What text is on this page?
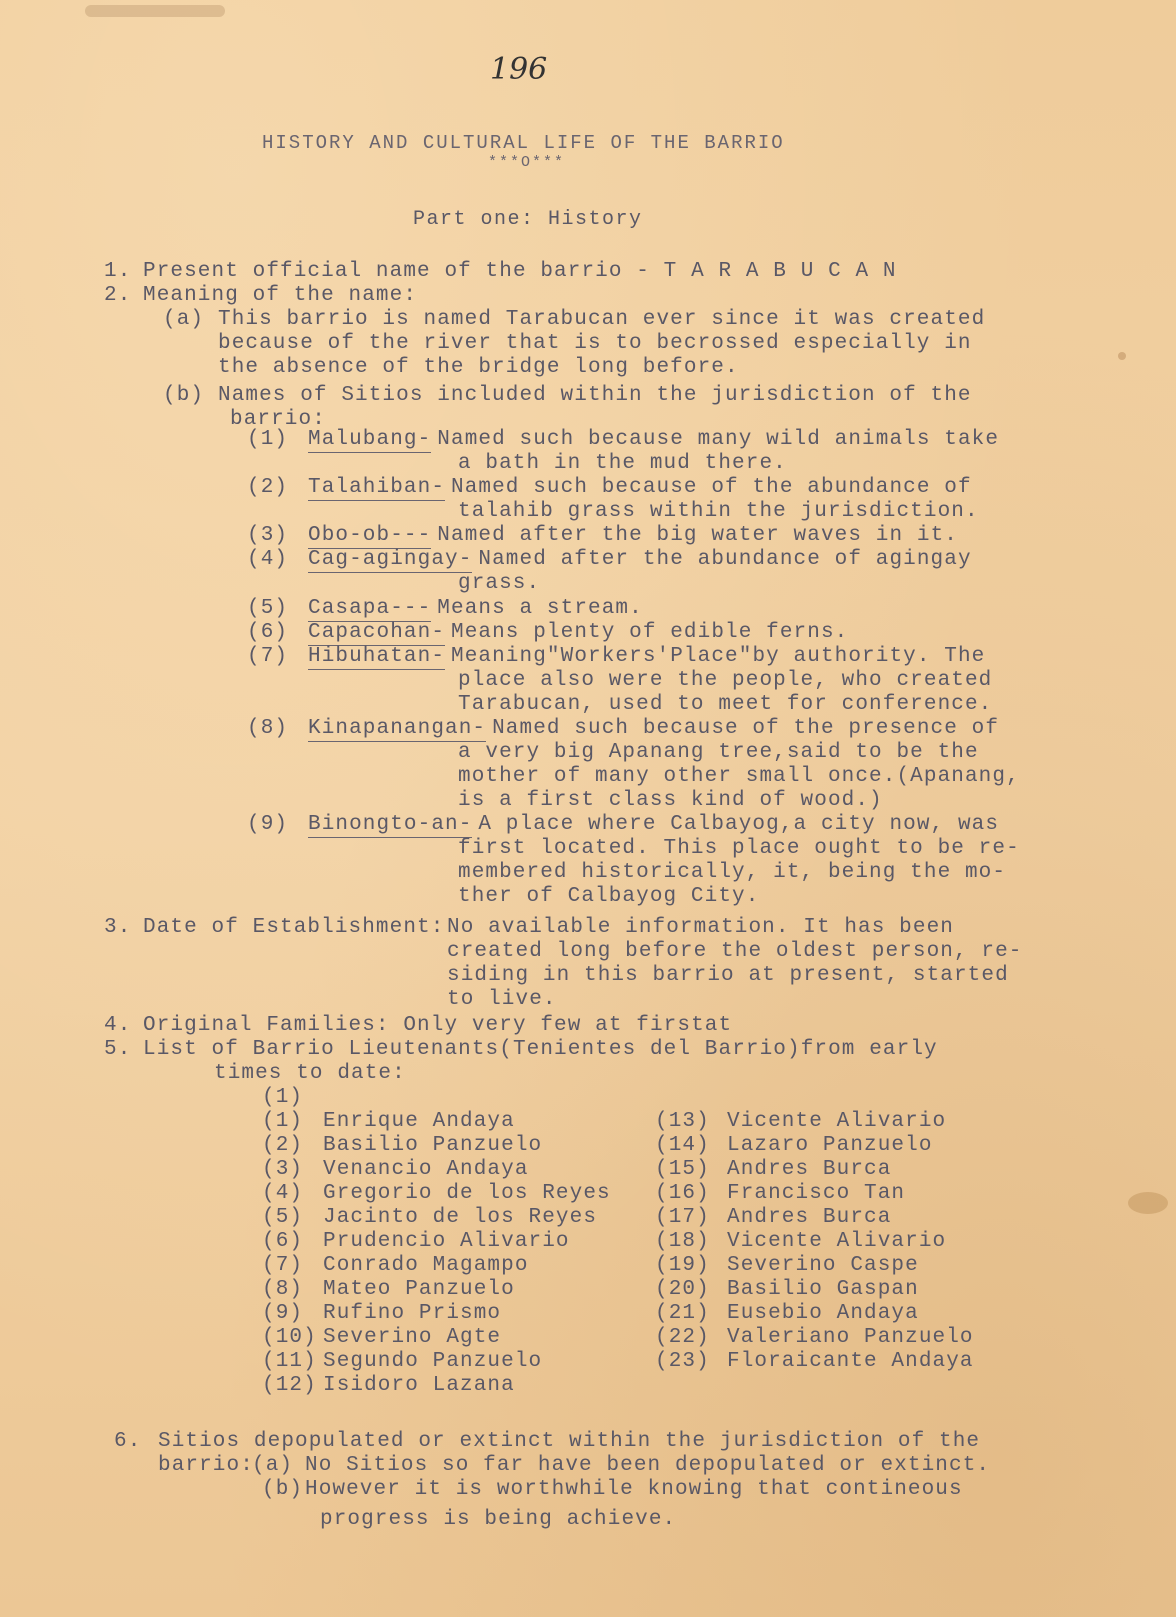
196
HISTORY AND CULTURAL LIFE OF THE BARRIO
***O***
Part one: History
1. Present official name of the barrio - T A R A B U C A N
2. Meaning of the name:
(a) This barrio is named Tarabucan ever since it was created
because of the river that is to becrossed especially in
the absence of the bridge long before.
(b) Names of Sitios included within the jurisdiction of the
barrio:
(1) Malubang- Named such because many wild animals take
a bath in the mud there.
(2) Talahiban- Named such because of the abundance of
talahib grass within the jurisdiction.
(3) Obo-ob--- Named after the big water waves in it.
(4) Cag-agingay- Named after the abundance of agingay
grass.
(5) Casapa--- Means a stream.
(6) Capacohan- Means plenty of edible ferns.
(7) Hibuhatan- Meaning"Workers'Place"by authority. The
place also were the people, who created
Tarabucan, used to meet for conference.
(8) Kinapanangan- Named such because of the presence of
a very big Apanang tree,said to be the
mother of many other small once.(Apanang,
is a first class kind of wood.)
(9) Binongto-an- A place where Calbayog,a city now, was
first located. This place ought to be re-
membered historically, it, being the mo-
ther of Calbayog City.
3. Date of Establishment: No available information. It has been
created long before the oldest person, re-
siding in this barrio at present, started
to live.
4. Original Families: Only very few at firstat
5. List of Barrio Lieutenants(Tenientes del Barrio)from early
times to date:
(1)
(1) Enrique Andaya
(2) Basilio Panzuelo
(3) Venancio Andaya
(4) Gregorio de los Reyes
(5) Jacinto de los Reyes
(6) Prudencio Alivario
(7) Conrado Magampo
(8) Mateo Panzuelo
(9) Rufino Prismo
(10) Severino Agte
(11) Segundo Panzuelo
(12) Isidoro Lazana
(13) Vicente Alivario
(14) Lazaro Panzuelo
(15) Andres Burca
(16) Francisco Tan
(17) Andres Burca
(18) Vicente Alivario
(19) Severino Caspe
(20) Basilio Gaspan
(21) Eusebio Andaya
(22) Valeriano Panzuelo
(23) Floraicante Andaya
6. Sitios depopulated or extinct within the jurisdiction of the
barrio:
(a) No Sitios so far have been depopulated or extinct.
(b) However it is worthwhile knowing that contineous
progress is being achieve.
